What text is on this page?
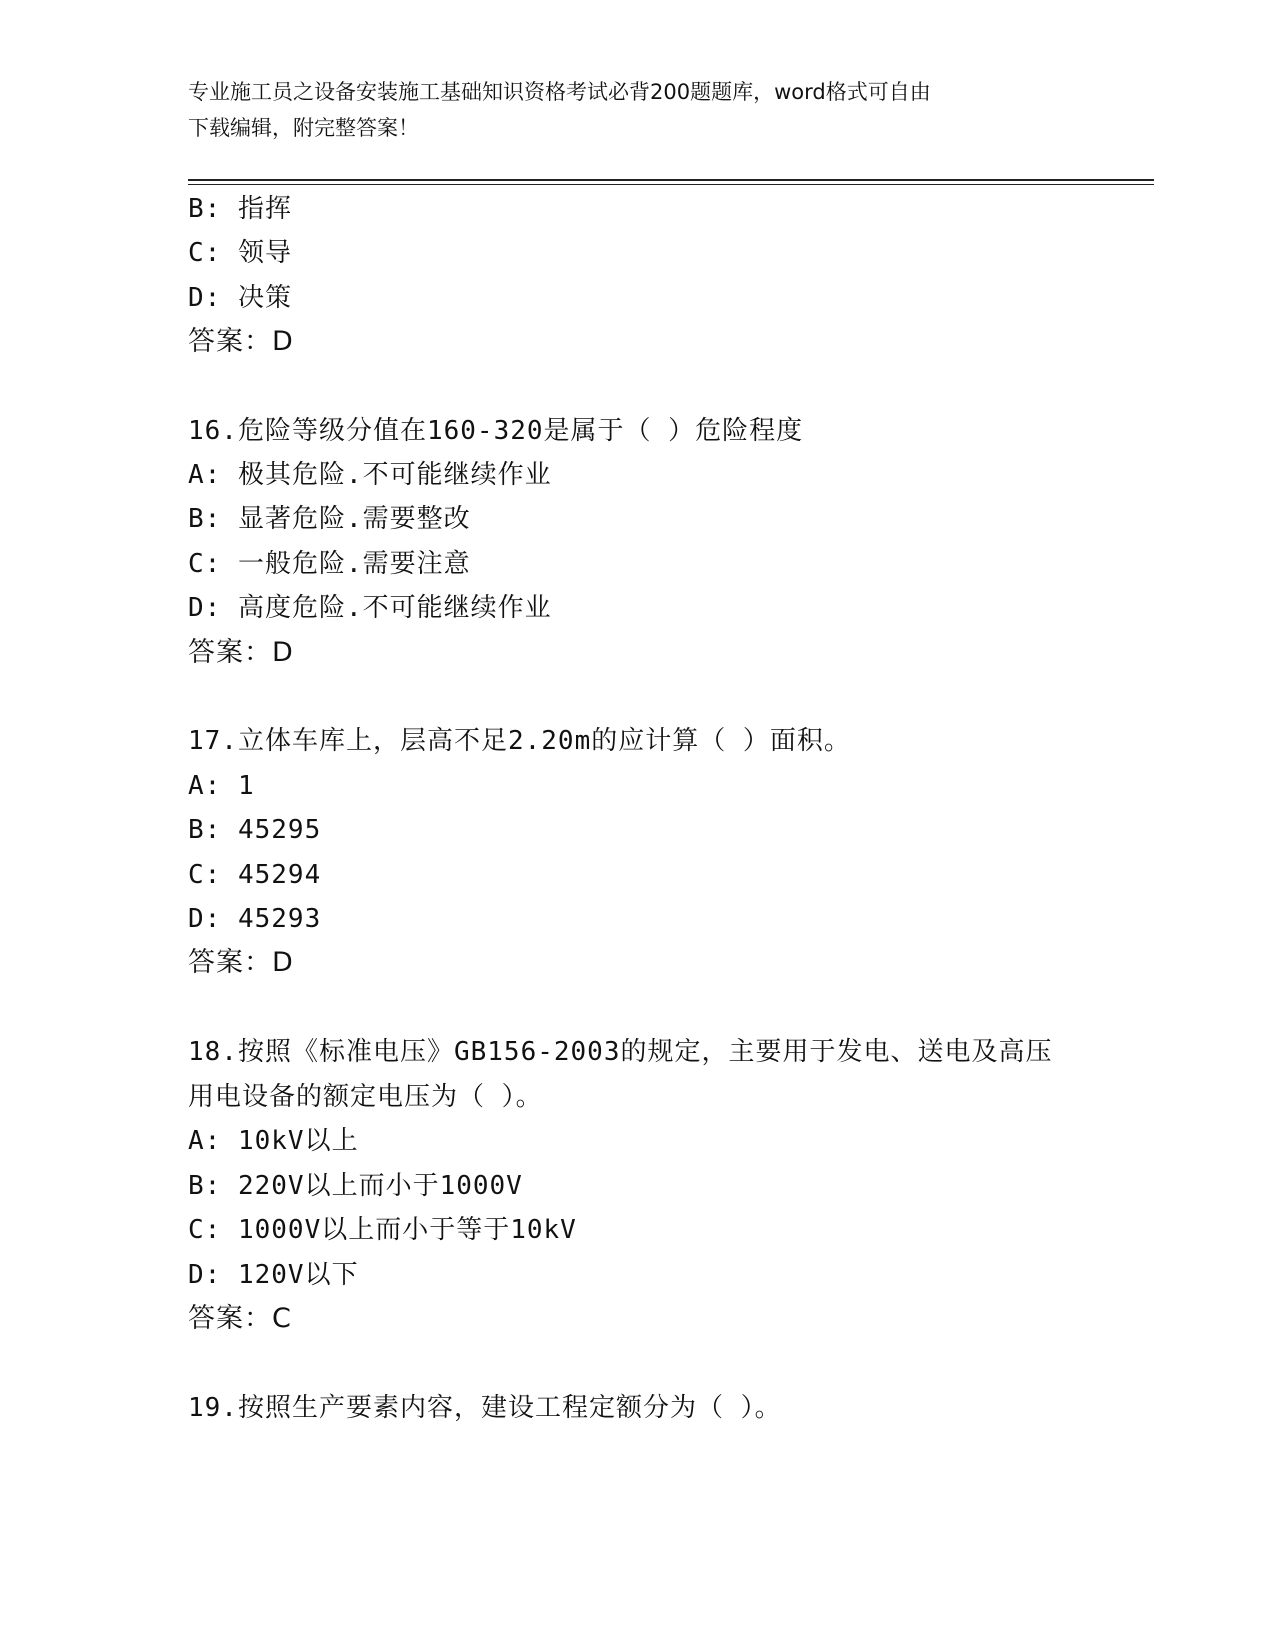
专业施工员之设备安装施工基础知识资格考试必背200题题库，word格式可自由
下载编辑，附完整答案！
B: 指挥
C: 领导
D: 决策
答案：D
16.危险等级分值在160-320是属于（ ）危险程度
A: 极其危险.不可能继续作业
B: 显著危险.需要整改
C: 一般危险.需要注意
D: 高度危险.不可能继续作业
答案：D
17.立体车库上，层高不足2.20m的应计算（ ）面积。
A: 1
B: 45295
C: 45294
D: 45293
答案：D
18.按照《标准电压》GB156-2003的规定，主要用于发电、送电及高压
用电设备的额定电压为（ ）。
A: 10kV以上
B: 220V以上而小于1000V
C: 1000V以上而小于等于10kV
D: 120V以下
答案：C
19.按照生产要素内容，建设工程定额分为（ ）。
